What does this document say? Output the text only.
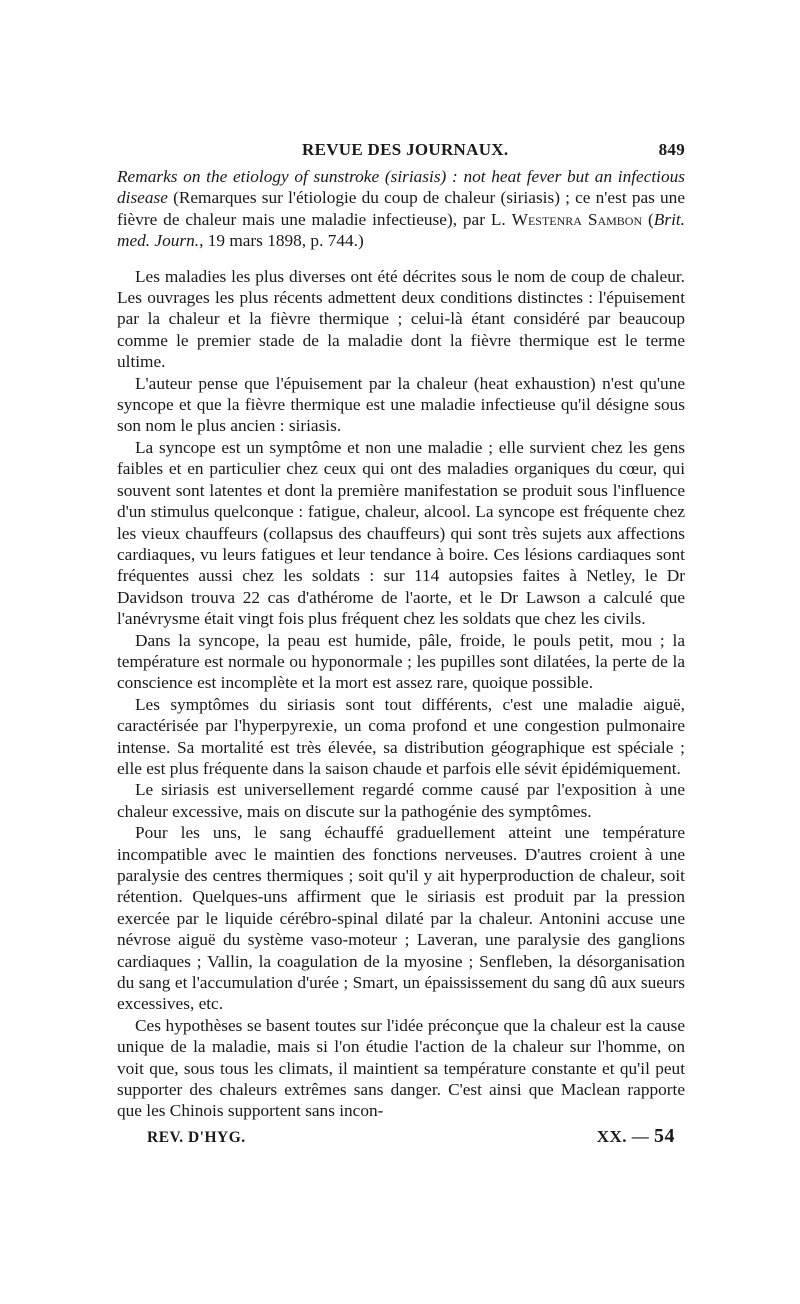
REVUE DES JOURNAUX.	849
Remarks on the etiology of sunstroke (siriasis) : not heat fever but an infectious disease (Remarques sur l'étiologie du coup de chaleur (siriasis) ; ce n'est pas une fièvre de chaleur mais une maladie infectieuse), par L. Westenra Sambon (Brit. med. Journ., 19 mars 1898, p. 744.)

Les maladies les plus diverses ont été décrites sous le nom de coup de chaleur. Les ouvrages les plus récents admettent deux conditions distinctes : l'épuisement par la chaleur et la fièvre thermique ; celui-là étant considéré par beaucoup comme le premier stade de la maladie dont la fièvre thermique est le terme ultime.

L'auteur pense que l'épuisement par la chaleur (heat exhaustion) n'est qu'une syncope et que la fièvre thermique est une maladie infectieuse qu'il désigne sous son nom le plus ancien : siriasis.

La syncope est un symptôme et non une maladie ; elle survient chez les gens faibles et en particulier chez ceux qui ont des maladies organiques du cœur, qui souvent sont latentes et dont la première manifestation se produit sous l'influence d'un stimulus quelconque : fatigue, chaleur, alcool. La syncope est fréquente chez les vieux chauffeurs (collapsus des chauffeurs) qui sont très sujets aux affections cardiaques, vu leurs fatigues et leur tendance à boire. Ces lésions cardiaques sont fréquentes aussi chez les soldats : sur 114 autopsies faites à Netley, le Dr Davidson trouva 22 cas d'athérome de l'aorte, et le Dr Lawson a calculé que l'anévrysme était vingt fois plus fréquent chez les soldats que chez les civils.

Dans la syncope, la peau est humide, pâle, froide, le pouls petit, mou ; la température est normale ou hyponormale ; les pupilles sont dilatées, la perte de la conscience est incomplète et la mort est assez rare, quoique possible.

Les symptômes du siriasis sont tout différents, c'est une maladie aiguë, caractérisée par l'hyperpyrexie, un coma profond et une congestion pulmonaire intense. Sa mortalité est très élevée, sa distribution géographique est spéciale ; elle est plus fréquente dans la saison chaude et parfois elle sévit épidémiquement.

Le siriasis est universellement regardé comme causé par l'exposition à une chaleur excessive, mais on discute sur la pathogénie des symptômes.

Pour les uns, le sang échauffé graduellement atteint une température incompatible avec le maintien des fonctions nerveuses. D'autres croient à une paralysie des centres thermiques ; soit qu'il y ait hyperproduction de chaleur, soit rétention. Quelques-uns affirment que le siriasis est produit par la pression exercée par le liquide cérébro-spinal dilaté par la chaleur. Antonini accuse une névrose aiguë du système vaso-moteur ; Laveran, une paralysie des ganglions cardiaques ; Vallin, la coagulation de la myosine ; Senfleben, la désorganisation du sang et l'accumulation d'urée ; Smart, un épaississement du sang dû aux sueurs excessives, etc.

Ces hypothèses se basent toutes sur l'idée préconçue que la chaleur est la cause unique de la maladie, mais si l'on étudie l'action de la chaleur sur l'homme, on voit que, sous tous les climats, il maintient sa température constante et qu'il peut supporter des chaleurs extrêmes sans danger. C'est ainsi que Maclean rapporte que les Chinois supportent sans incon-

REV. D'HYG.	XX. — 54
